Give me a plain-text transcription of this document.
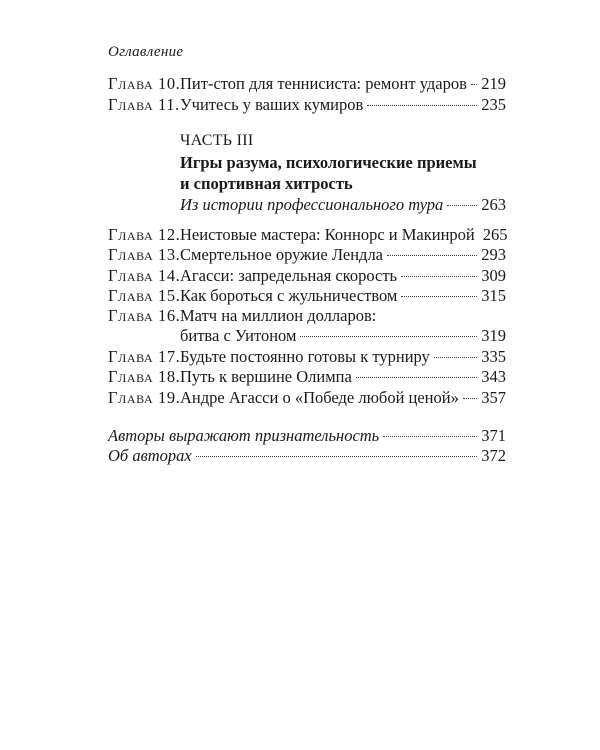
Оглавление
Глава 10. Пит-стоп для теннисиста: ремонт ударов 219
Глава 11. Учитесь у ваших кумиров	235
ЧАСТЬ III
Игры разума, психологические приемы
и спортивная хитрость
Из истории профессионального тура 263
Глава 12. Неистовые мастера: Коннорс и Макинрой 265
Глава 13. Смертельное оружие Лендла	293
Глава 14. Агасси: запредельная скорость	309
Глава 15. Как бороться с жульничеством	315
Глава 16. Матч на миллион долларов:
битва с Уитоном	319
Глава 17. Будьте постоянно готовы к турниру	335
Глава 18. Путь к вершине Олимпа	343
Глава 19. Андре Агасси о «Победе любой ценой» 357
Авторы выражают признательность	371
Об авторах	372
